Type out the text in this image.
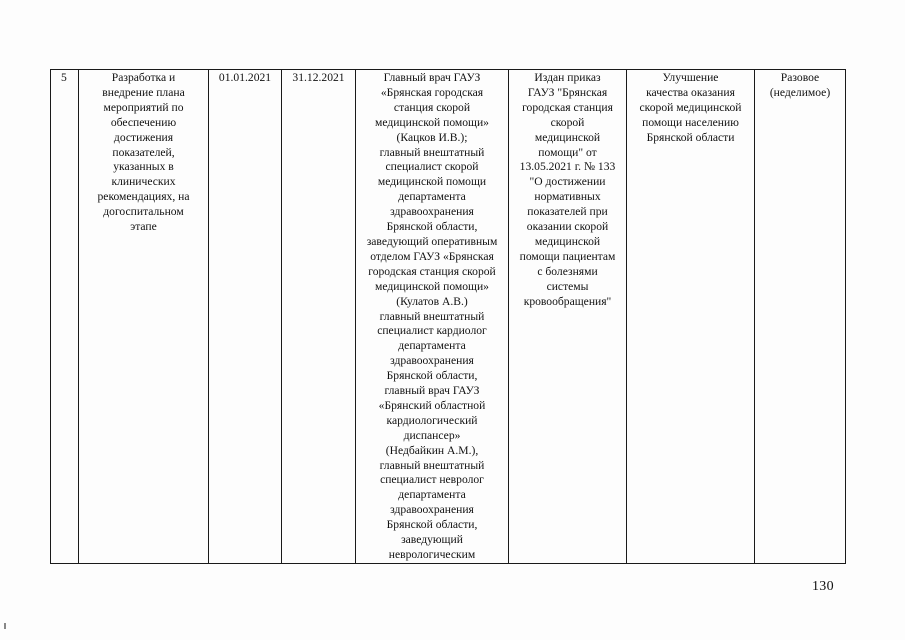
5	Разработка и
внедрение плана
мероприятий по
обеспечению
достижения
показателей,
указанных в
клинических
рекомендациях, на
догоспитальном
этапе	01.01.2021	31.12.2021	Главный врач ГАУЗ
«Брянская городская
станция скорой
медицинской помощи»
(Кацков И.В.);
главный внештатный
специалист скорой
медицинской помощи
департамента
здравоохранения
Брянской области,
заведующий оперативным
отделом ГАУЗ «Брянская
городская станция скорой
медицинской помощи»
(Кулатов А.В.)
главный внештатный
специалист кардиолог
департамента
здравоохранения
Брянской области,
главный врач ГАУЗ
«Брянский областной
кардиологический
диспансер»
(Недбайкин А.М.),
главный внештатный
специалист невролог
департамента
здравоохранения
Брянской области,
заведующий
неврологическим	Издан приказ
ГАУЗ "Брянская
городская станция
скорой
медицинской
помощи" от
13.05.2021 г. № 133
"О достижении
нормативных
показателей при
оказании скорой
медицинской
помощи пациентам
с болезнями
системы
кровообращения"	Улучшение
качества оказания
скорой медицинской
помощи населению
Брянской области	Разовое
(неделимое)
130
